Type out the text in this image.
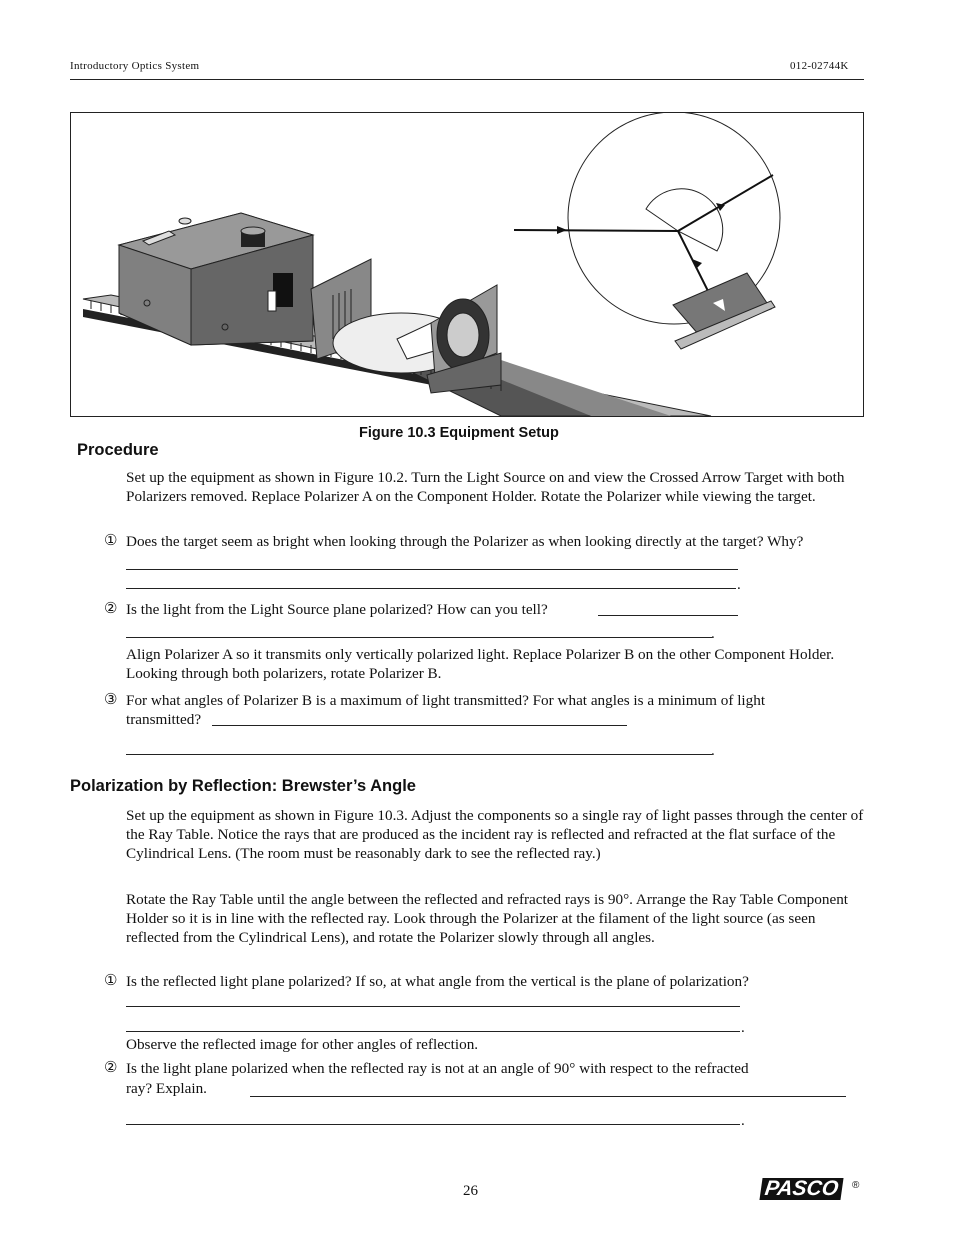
Introductory Optics System	012-02744K
Figure 10.3 Equipment Setup
Procedure
Set up the equipment as shown in Figure 10.2. Turn the Light Source on and view the Crossed Arrow Target with both Polarizers removed. Replace Polarizer A on the Component Holder. Rotate the Polarizer while viewing the target.
① Does the target seem as bright when looking through the Polarizer as when looking directly at the target? Why?
.
② Is the light from the Light Source plane polarized? How can you tell?
.
Align Polarizer A so it transmits only vertically polarized light. Replace Polarizer B on the other Component Holder. Looking through both polarizers, rotate Polarizer B.
③ For what angles of Polarizer B is a maximum of light transmitted? For what angles is a minimum of light
transmitted?
.
Polarization by Reflection: Brewster’s Angle
Set up the equipment as shown in Figure 10.3. Adjust the components so a single ray of light passes through the center of the Ray Table. Notice the rays that are produced as the incident ray is reflected and refracted at the flat surface of the Cylindrical Lens. (The room must be reasonably dark to see the reflected ray.)
Rotate the Ray Table until the angle between the reflected and refracted rays is 90°. Arrange the Ray Table Component Holder so it is in line with the reflected ray. Look through the Polarizer at the filament of the light source (as seen reflected from the Cylindrical Lens), and rotate the Polarizer slowly through all angles.
① Is the reflected light plane polarized? If so, at what angle from the vertical is the plane of polarization?
.
Observe the reflected image for other angles of reflection.
② Is the light plane polarized when the reflected ray is not at an angle of 90° with respect to the refracted
ray? Explain.
.
26	PASCO	®
